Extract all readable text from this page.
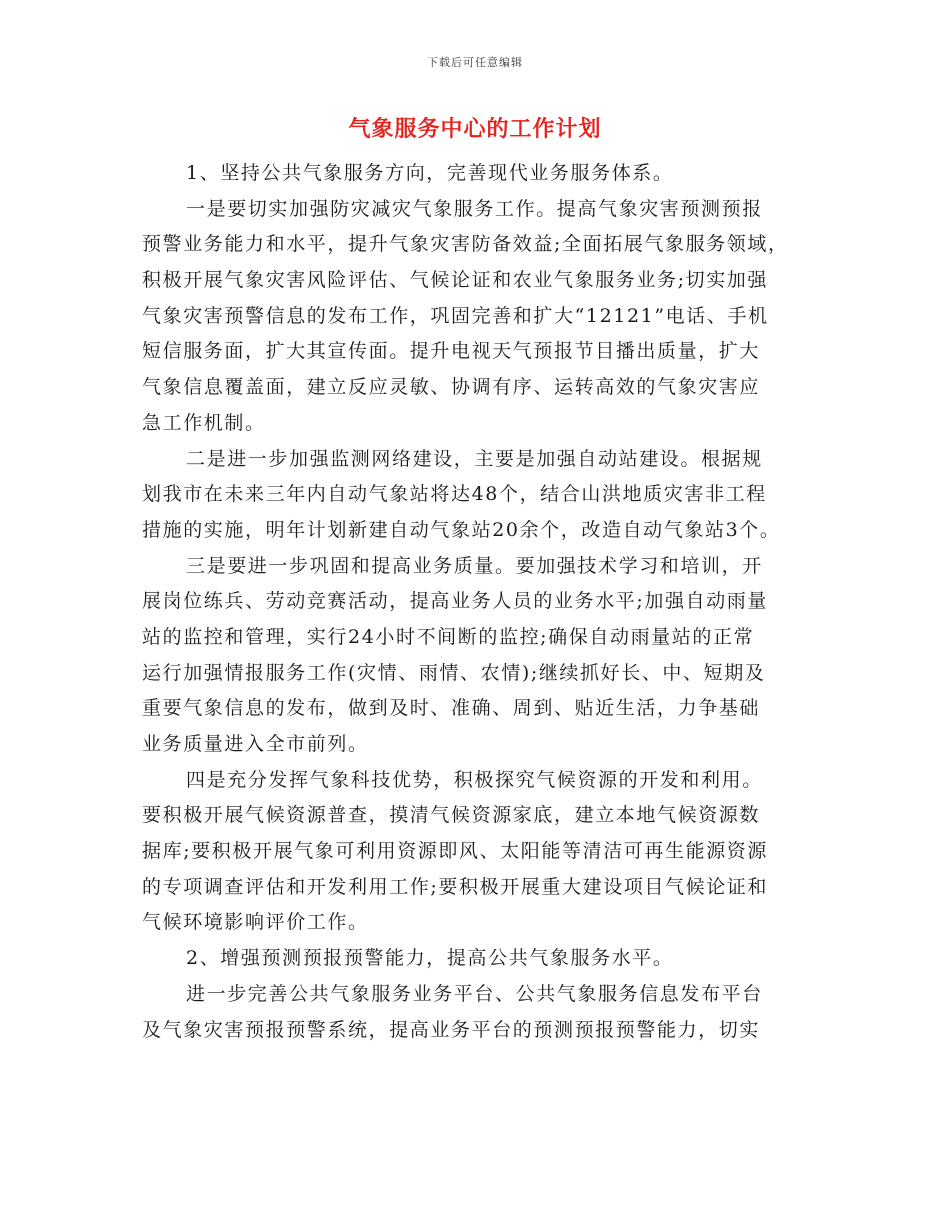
下载后可任意编辑
气象服务中心的工作计划
1、坚持公共气象服务方向，完善现代业务服务体系。
一是要切实加强防灾减灾气象服务工作。提高气象灾害预测预报
预警业务能力和水平，提升气象灾害防备效益;全面拓展气象服务领域，
积极开展气象灾害风险评估、气候论证和农业气象服务业务;切实加强
气象灾害预警信息的发布工作，巩固完善和扩大“12121”电话、手机
短信服务面，扩大其宣传面。提升电视天气预报节目播出质量，扩大
气象信息覆盖面，建立反应灵敏、协调有序、运转高效的气象灾害应
急工作机制。
二是进一步加强监测网络建设，主要是加强自动站建设。根据规
划我市在未来三年内自动气象站将达48个，结合山洪地质灾害非工程
措施的实施，明年计划新建自动气象站20余个，改造自动气象站3个。
三是要进一步巩固和提高业务质量。要加强技术学习和培训，开
展岗位练兵、劳动竞赛活动，提高业务人员的业务水平;加强自动雨量
站的监控和管理，实行24小时不间断的监控;确保自动雨量站的正常
运行加强情报服务工作(灾情、雨情、农情);继续抓好长、中、短期及
重要气象信息的发布，做到及时、准确、周到、贴近生活，力争基础
业务质量进入全市前列。
四是充分发挥气象科技优势，积极探究气候资源的开发和利用。
要积极开展气候资源普查，摸清气候资源家底，建立本地气候资源数
据库;要积极开展气象可利用资源即风、太阳能等清洁可再生能源资源
的专项调查评估和开发利用工作;要积极开展重大建设项目气候论证和
气候环境影响评价工作。
2、增强预测预报预警能力，提高公共气象服务水平。
进一步完善公共气象服务业务平台、公共气象服务信息发布平台
及气象灾害预报预警系统，提高业务平台的预测预报预警能力，切实
